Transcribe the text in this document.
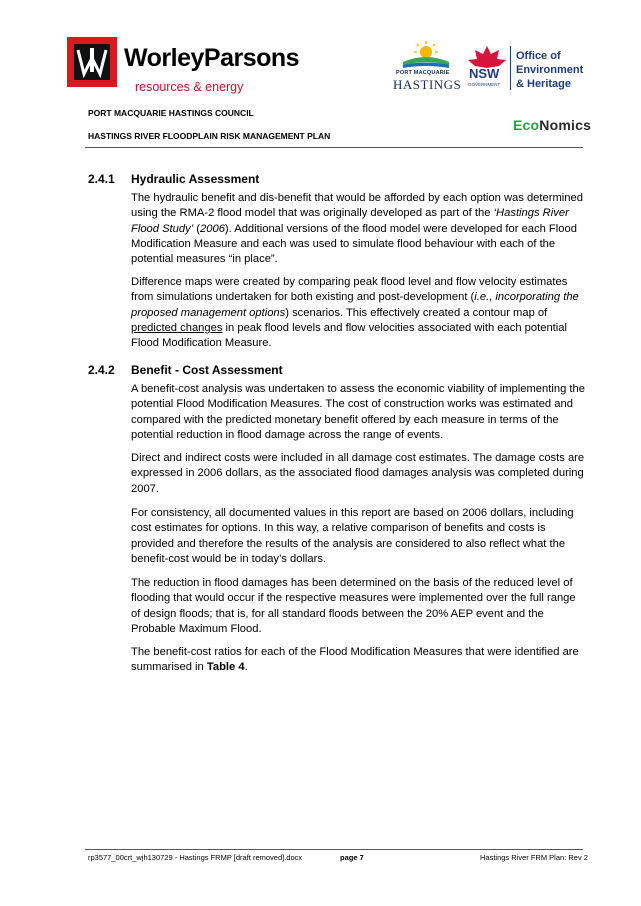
WorleyParsons
resources & energy
PORT MACQUARIE
HASTINGS
NSW
GOVERNMENT
Office of
Environment
& Heritage
EcoNomics
PORT MACQUARIE HASTINGS COUNCIL
HASTINGS RIVER FLOODPLAIN RISK MANAGEMENT PLAN
2.4.1 Hydraulic Assessment

The hydraulic benefit and dis-benefit that would be afforded by each option was determined using the RMA-2 flood model that was originally developed as part of the ‘Hastings River Flood Study’ (2006). Additional versions of the flood model were developed for each Flood Modification Measure and each was used to simulate flood behaviour with each of the potential measures “in place”.

Difference maps were created by comparing peak flood level and flow velocity estimates from simulations undertaken for both existing and post-development (i.e., incorporating the proposed management options) scenarios. This effectively created a contour map of predicted changes in peak flood levels and flow velocities associated with each potential Flood Modification Measure.

2.4.2 Benefit - Cost Assessment

A benefit-cost analysis was undertaken to assess the economic viability of implementing the potential Flood Modification Measures. The cost of construction works was estimated and compared with the predicted monetary benefit offered by each measure in terms of the potential reduction in flood damage across the range of events.

Direct and indirect costs were included in all damage cost estimates. The damage costs are expressed in 2006 dollars, as the associated flood damages analysis was completed during 2007.

For consistency, all documented values in this report are based on 2006 dollars, including cost estimates for options. In this way, a relative comparison of benefits and costs is provided and therefore the results of the analysis are considered to also reflect what the benefit-cost would be in today’s dollars.

The reduction in flood damages has been determined on the basis of the reduced level of flooding that would occur if the respective measures were implemented over the full range of design floods; that is, for all standard floods between the 20% AEP event and the Probable Maximum Flood.

The benefit-cost ratios for each of the Flood Modification Measures that were identified are summarised in Table 4.

rp3577_00crt_wjh130729 - Hastings FRMP [draft removed].docx	page 7	Hastings River FRM Plan: Rev 2
